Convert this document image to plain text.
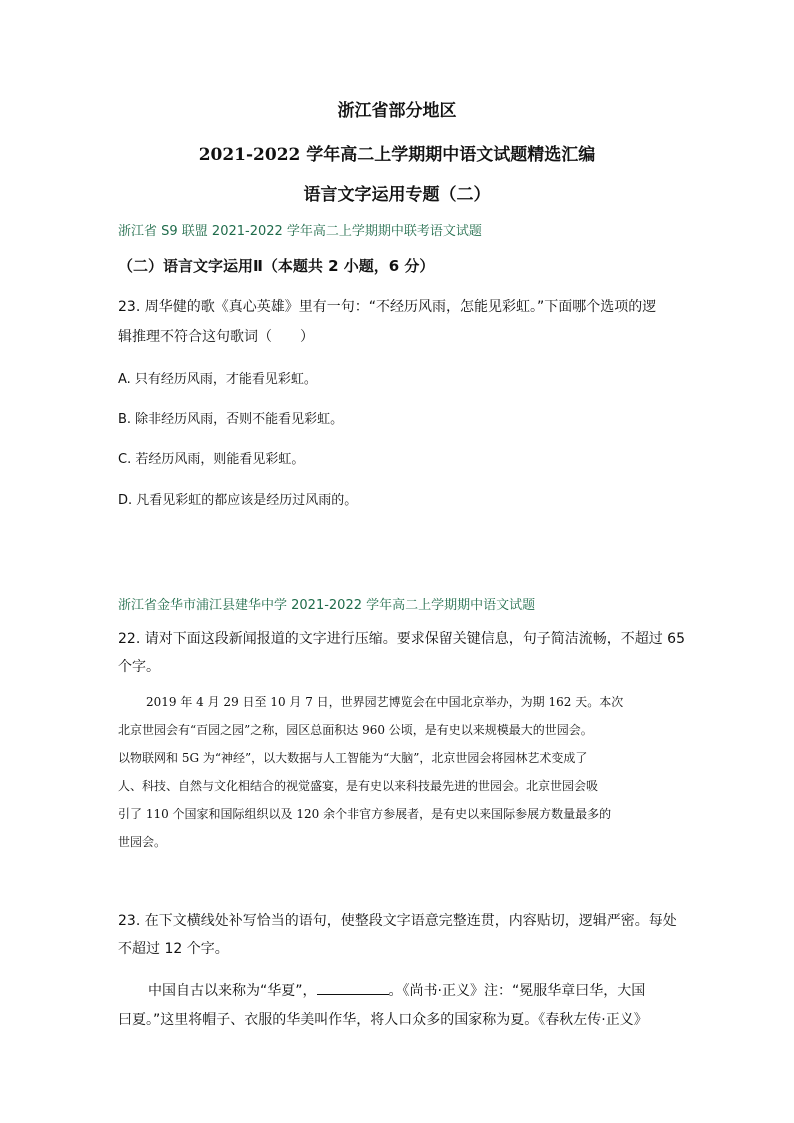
浙江省部分地区
2021-2022 学年高二上学期期中语文试题精选汇编
语言文字运用专题（二）
浙江省 S9 联盟 2021-2022 学年高二上学期期中联考语文试题
（二）语言文字运用Ⅱ（本题共 2 小题，6 分）
23. 周华健的歌《真心英雄》里有一句：“不经历风雨，怎能见彩虹。”下面哪个选项的逻
辑推理不符合这句歌词（　　）
A. 只有经历风雨，才能看见彩虹。
B. 除非经历风雨，否则不能看见彩虹。
C. 若经历风雨，则能看见彩虹。
D. 凡看见彩虹的都应该是经历过风雨的。
浙江省金华市浦江县建华中学 2021-2022 学年高二上学期期中语文试题
22. 请对下面这段新闻报道的文字进行压缩。要求保留关键信息，句子简洁流畅，不超过 65
个字。
2019 年 4 月 29 日至 10 月 7 日，世界园艺博览会在中国北京举办，为期 162 天。本次
北京世园会有“百园之园”之称，园区总面积达 960 公顷，是有史以来规模最大的世园会。
以物联网和 5G 为“神经”，以大数据与人工智能为“大脑”，北京世园会将园林艺术变成了
人、科技、自然与文化相结合的视觉盛宴，是有史以来科技最先进的世园会。北京世园会吸
引了 110 个国家和国际组织以及 120 余个非官方参展者，是有史以来国际参展方数量最多的
世园会。
23. 在下文横线处补写恰当的语句，使整段文字语意完整连贯，内容贴切，逻辑严密。每处
不超过 12 个字。
中国自古以来称为“华夏”，	。《尚书·正义》注：“冕服华章曰华，大国
曰夏。”这里将帽子、衣服的华美叫作华，将人口众多的国家称为夏。《春秋左传·正义》
